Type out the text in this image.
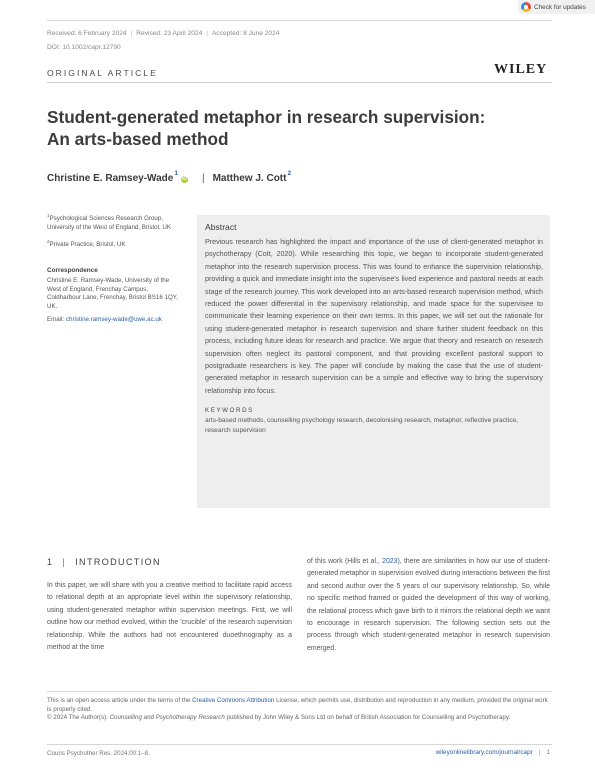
Check for updates
Received: 6 February 2024 | Revised: 23 April 2024 | Accepted: 8 June 2024
DOI: 10.1002/capr.12790
ORIGINAL ARTICLE	WILEY
Student-generated metaphor in research supervision:
An arts-based method
Christine E. Ramsey-Wade$^1$
iD | Matthew J. Cott$^2$
$^1$Psychological Sciences Research Group, University of the West of England, Bristol, UK
$^2$Private Practice, Bristol, UK
Correspondence
Christine E. Ramsey-Wade, University of the West of England, Frenchay Campus, Coldharbour Lane, Frenchay, Bristol BS16 1QY, UK.
Email: christine.ramsey-wade@uwe.ac.uk
Abstract

Previous research has highlighted the impact and importance of the use of client-generated metaphor in psychotherapy (Cott, 2020). While researching this topic, we began to incorporate student-generated metaphor into the research supervision process. This was found to enhance the supervision relationship, providing a quick and immediate insight into the supervisee's lived experience and pastoral needs at each stage of the research journey. This work developed into an arts-based research supervision method, which reduced the power differential in the supervisory relationship, and made space for the supervisee to communicate their learning experience on their own terms. In this paper, we will set out the rationale for using student-generated metaphor in research supervision and share further student feedback on this process, including future ideas for research and practice. We argue that theory and research on research supervision often neglect its pastoral component, and that providing excellent pastoral support to postgraduate researchers is key. The paper will conclude by making the case that the use of student-generated metaphor in research supervision can be a simple and effective way to bring the supervisory relationship into focus.

KEYWORDS

arts-based methods, counselling psychology research, decolonising research, metaphor, reflective practice, research supervision

1 | INTRODUCTION

In this paper, we will share with you a creative method to facilitate rapid access to relational depth at an appropriate level within the supervisory relationship, using student-generated metaphor within supervision meetings. First, we will outline how our method evolved, within the 'crucible' of the research supervision relationship. While the authors had not encountered duoethnography as a method at the time

of this work (Hills et al., 2023), there are similarities in how our use of student-generated metaphor in supervision evolved during interactions between the first and second author over the 5 years of our supervisory relationship. So, while no specific method framed or guided the development of this way of working, the relational process which gave birth to it mirrors the relational depth we want to encourage in research supervision. The following section sets out the process through which student-generated metaphor in research supervision emerged.

This is an open access article under the terms of the Creative Commons Attribution License, which permits use, distribution and reproduction in any medium, provided the original work is properly cited.
© 2024 The Author(s). Counselling and Psychotherapy Research published by John Wiley & Sons Ltd on behalf of British Association for Counselling and Psychotherapy.
Couns Psychother Res. 2024;00:1–8.	wileyonlinelibrary.com/journal/capr | 1
